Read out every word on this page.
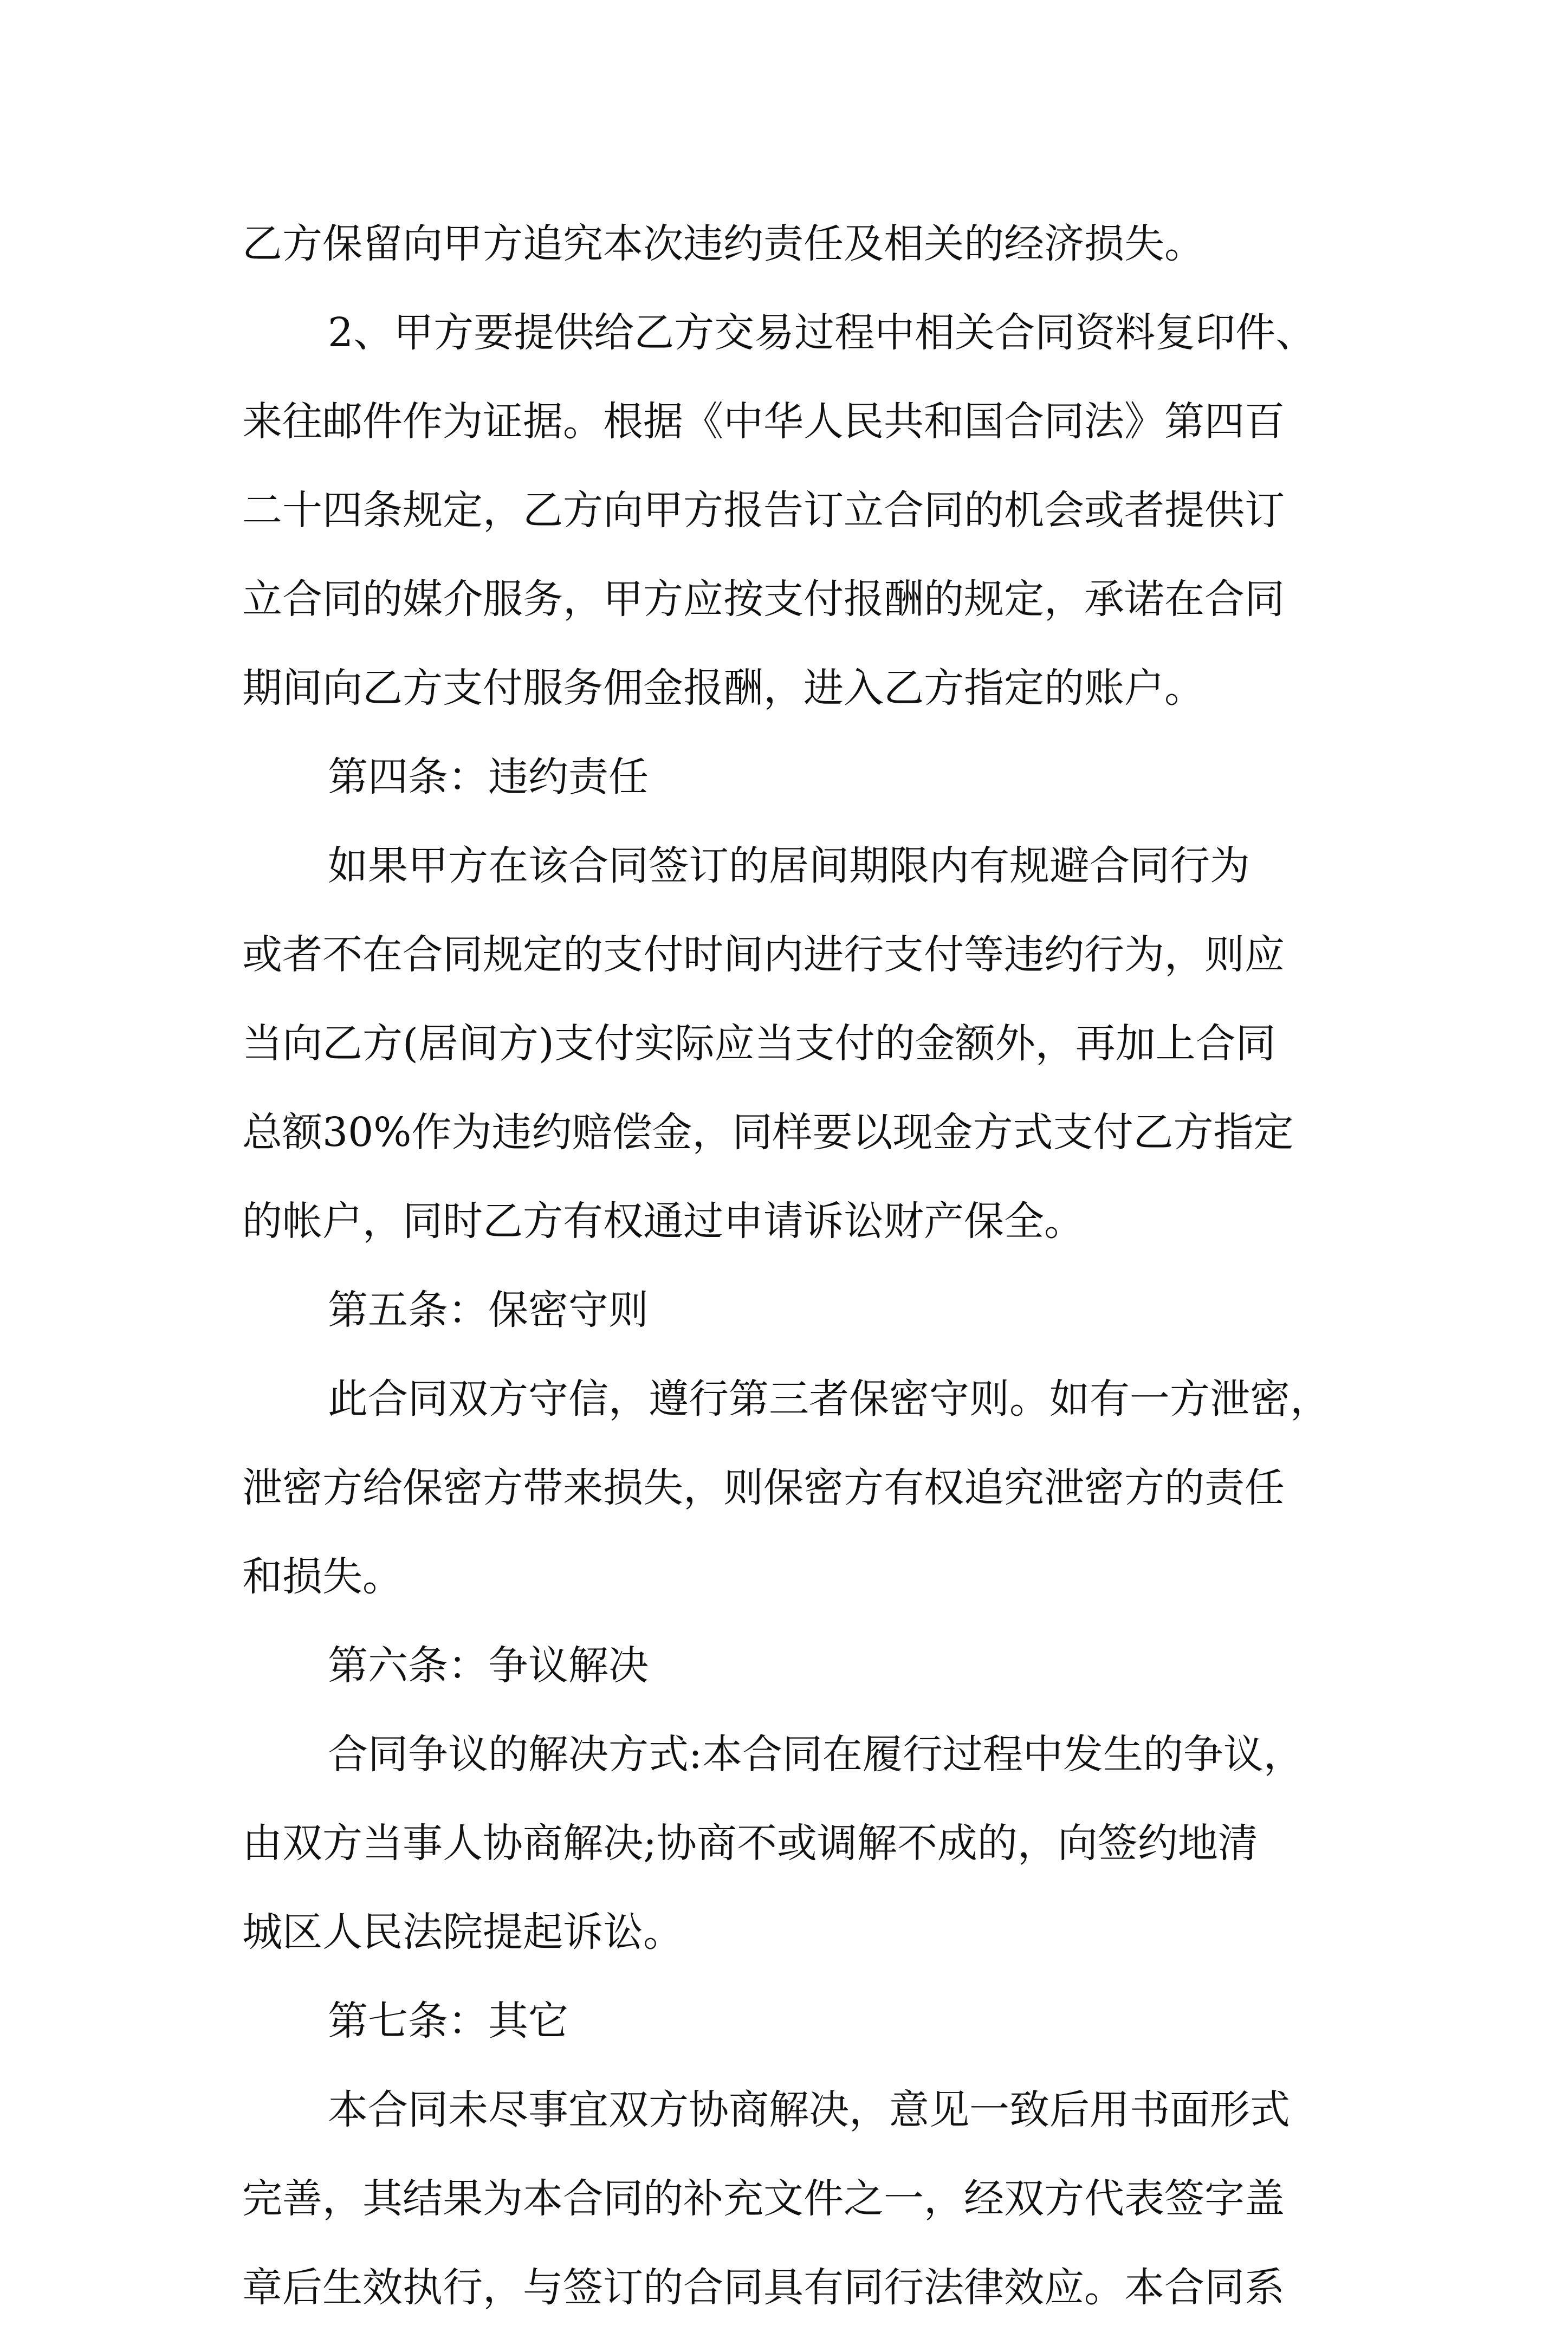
乙方保留向甲方追究本次违约责任及相关的经济损失。
2、甲方要提供给乙方交易过程中相关合同资料复印件、
来往邮件作为证据。根据《中华人民共和国合同法》第四百
二十四条规定，乙方向甲方报告订立合同的机会或者提供订
立合同的媒介服务，甲方应按支付报酬的规定，承诺在合同
期间向乙方支付服务佣金报酬，进入乙方指定的账户。
第四条：违约责任
如果甲方在该合同签订的居间期限内有规避合同行为
或者不在合同规定的支付时间内进行支付等违约行为，则应
当向乙方(居间方)支付实际应当支付的金额外，再加上合同
总额30%作为违约赔偿金，同样要以现金方式支付乙方指定
的帐户，同时乙方有权通过申请诉讼财产保全。
第五条：保密守则
此合同双方守信，遵行第三者保密守则。如有一方泄密，
泄密方给保密方带来损失，则保密方有权追究泄密方的责任
和损失。
第六条：争议解决
合同争议的解决方式:本合同在履行过程中发生的争议，
由双方当事人协商解决;协商不或调解不成的，向签约地清
城区人民法院提起诉讼。
第七条：其它
本合同未尽事宜双方协商解决，意见一致后用书面形式
完善，其结果为本合同的补充文件之一，经双方代表签字盖
章后生效执行，与签订的合同具有同行法律效应。本合同系
